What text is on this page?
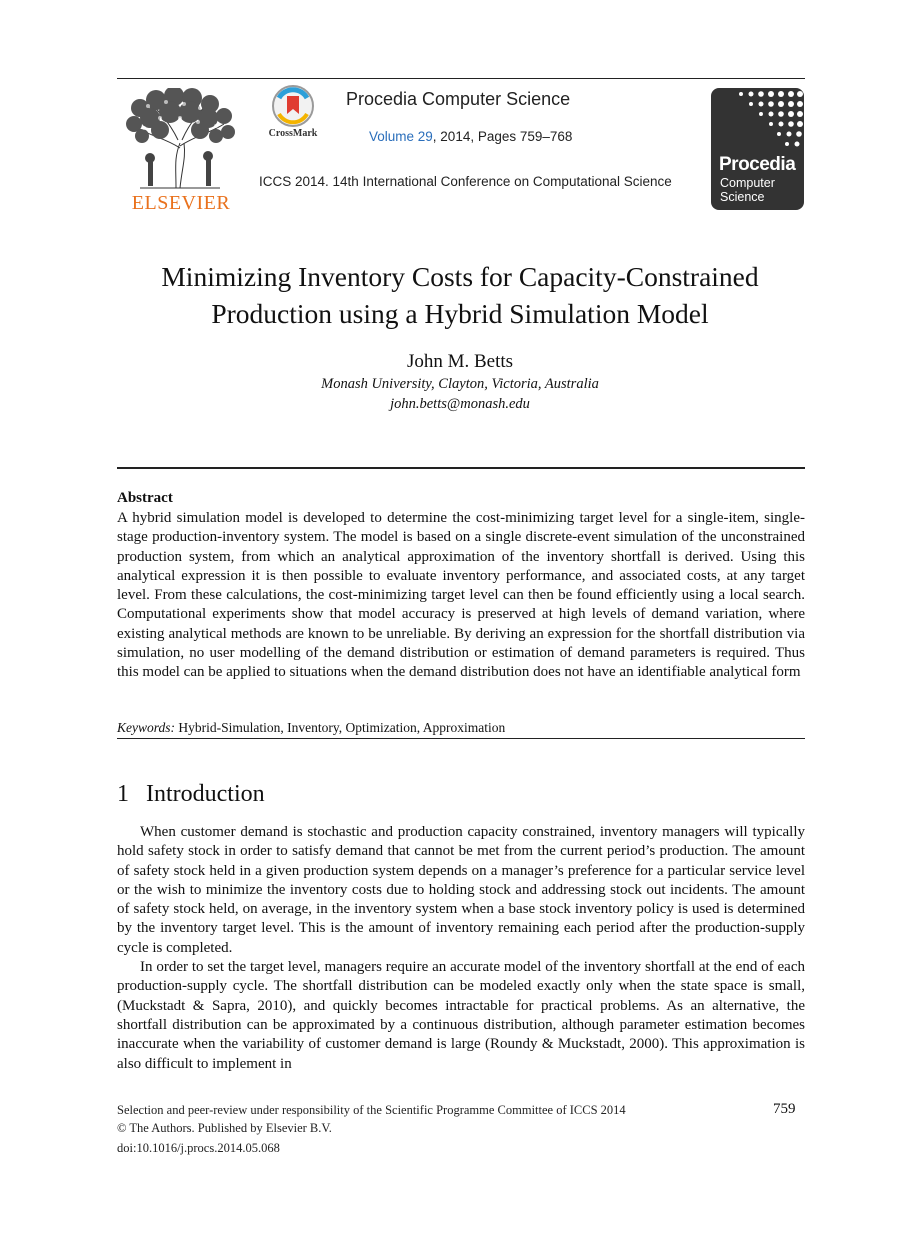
ELSEVIER
CrossMark
Procedia Computer Science
Volume 29, 2014, Pages 759–768
ICCS 2014. 14th International Conference on Computational Science
Procedia
Computer
Science
Minimizing Inventory Costs for Capacity-Constrained
Production using a Hybrid Simulation Model
John M. Betts
Monash University, Clayton, Victoria, Australia
john.betts@monash.edu
Abstract
A hybrid simulation model is developed to determine the cost-minimizing target level for a single-item, single-stage production-inventory system. The model is based on a single discrete-event simulation of the unconstrained production system, from which an analytical approximation of the inventory shortfall is derived. Using this analytical expression it is then possible to evaluate inventory performance, and associated costs, at any target level. From these calculations, the cost-minimizing target level can then be found efficiently using a local search. Computational experiments show that model accuracy is preserved at high levels of demand variation, where existing analytical methods are known to be unreliable. By deriving an expression for the shortfall distribution via simulation, no user modelling of the demand distribution or estimation of demand parameters is required. Thus this model can be applied to situations when the demand distribution does not have an identifiable analytical form
Keywords: Hybrid-Simulation, Inventory, Optimization, Approximation
1 Introduction

When customer demand is stochastic and production capacity constrained, inventory managers will typically hold safety stock in order to satisfy demand that cannot be met from the current period’s production. The amount of safety stock held in a given production system depends on a manager’s preference for a particular service level or the wish to minimize the inventory costs due to holding stock and addressing stock out incidents. The amount of safety stock held, on average, in the inventory system when a base stock inventory policy is used is determined by the inventory target level. This is the amount of inventory remaining each period after the production-supply cycle is completed.

In order to set the target level, managers require an accurate model of the inventory shortfall at the end of each production-supply cycle. The shortfall distribution can be modeled exactly only when the state space is small, (Muckstadt & Sapra, 2010), and quickly becomes intractable for practical problems. As an alternative, the shortfall distribution can be approximated by a continuous distribution, although parameter estimation becomes inaccurate when the variability of customer demand is large (Roundy & Muckstadt, 2000). This approximation is also difficult to implement in

Selection and peer-review under responsibility of the Scientific Programme Committee of ICCS 2014
© The Authors. Published by Elsevier B.V.
doi:10.1016/j.procs.2014.05.068
759
